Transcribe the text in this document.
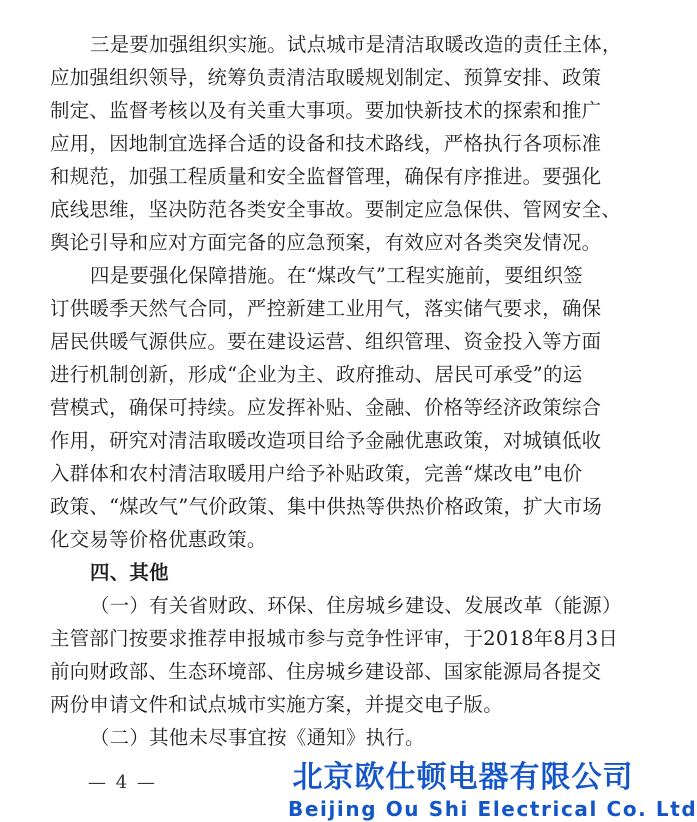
三是要加强组织实施。试点城市是清洁取暖改造的责任主体，
应加强组织领导，统筹负责清洁取暖规划制定、预算安排、政策
制定、监督考核以及有关重大事项。要加快新技术的探索和推广
应用，因地制宜选择合适的设备和技术路线，严格执行各项标准
和规范，加强工程质量和安全监督管理，确保有序推进。要强化
底线思维，坚决防范各类安全事故。要制定应急保供、管网安全、
舆论引导和应对方面完备的应急预案，有效应对各类突发情况。
四是要强化保障措施。在“煤改气”工程实施前，要组织签
订供暖季天然气合同，严控新建工业用气，落实储气要求，确保
居民供暖气源供应。要在建设运营、组织管理、资金投入等方面
进行机制创新，形成“企业为主、政府推动、居民可承受”的运
营模式，确保可持续。应发挥补贴、金融、价格等经济政策综合
作用，研究对清洁取暖改造项目给予金融优惠政策，对城镇低收
入群体和农村清洁取暖用户给予补贴政策，完善“煤改电”电价
政策、“煤改气”气价政策、集中供热等供热价格政策，扩大市场
化交易等价格优惠政策。
四、其他
（一）有关省财政、环保、住房城乡建设、发展改革（能源）
主管部门按要求推荐申报城市参与竞争性评审，于2018年8月3日
前向财政部、生态环境部、住房城乡建设部、国家能源局各提交
两份申请文件和试点城市实施方案，并提交电子版。
（二）其他未尽事宜按《通知》执行。
— 4 —	北京欧仕顿电器有限公司
Beijing Ou Shi Electrical Co. Ltd
